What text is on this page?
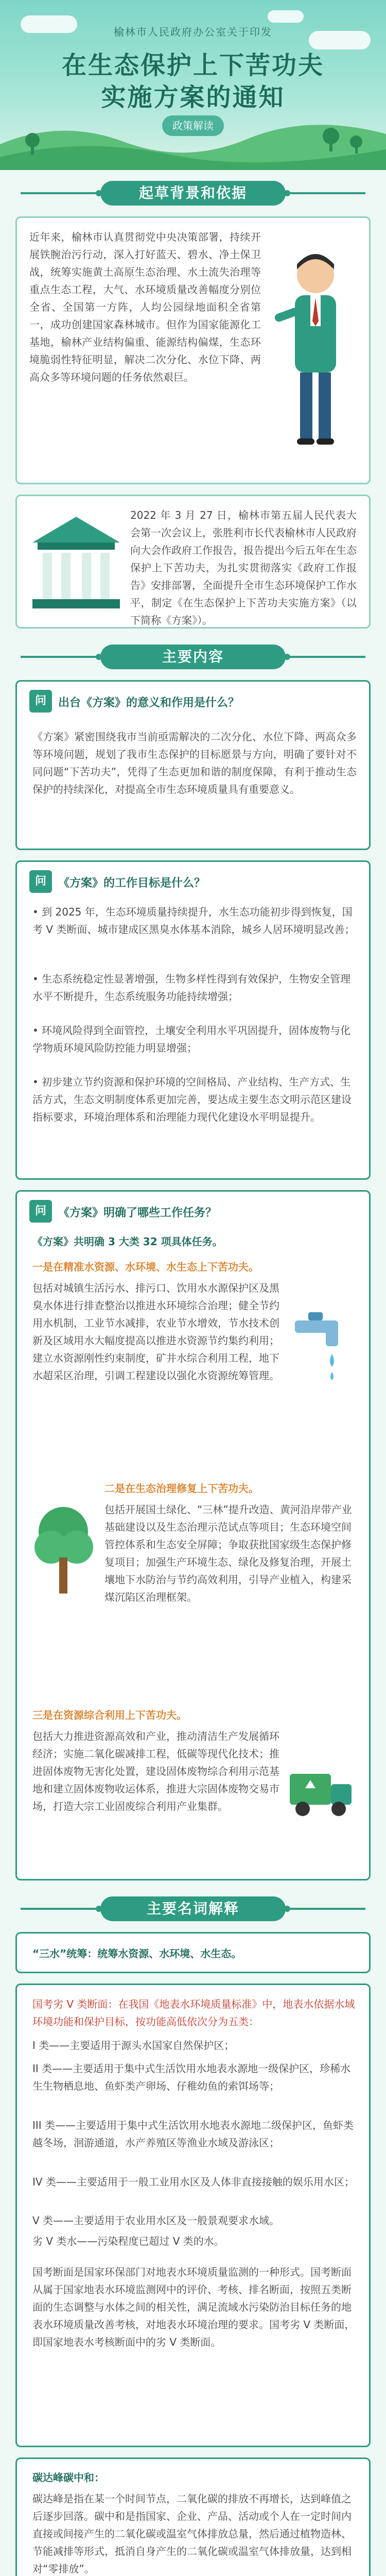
榆林市人民政府办公室关于印发
在生态保护上下苦功夫
实施方案的通知
政策解读
起草背景和依据
近年来，榆林市认真贯彻党中央决策部署，持续开展铁腕治污行动，深入打好蓝天、碧水、净土保卫战，统筹实施黄土高原生态治理、水土流失治理等重点生态工程，大气、水环境质量改善幅度分别位全省、全国第一方阵，人均公园绿地面积全省第一，成功创建国家森林城市。但作为国家能源化工基地，榆林产业结构偏重、能源结构偏煤，生态环境脆弱性特征明显，解决二次分化、水位下降、两高众多等环境问题的任务依然艰巨。
2022 年 3 月 27 日，榆林市第五届人民代表大会第一次会议上，张胜利市长代表榆林市人民政府向大会作政府工作报告，报告提出今后五年在生态保护上下苦功夫，为扎实贯彻落实《政府工作报告》安排部署，全面提升全市生态环境保护工作水平，制定《在生态保护上下苦功夫实施方案》（以下简称《方案》）。
主要内容
问	出台《方案》的意义和作用是什么？
《方案》紧密围绕我市当前亟需解决的二次分化、水位下降、两高众多等环境问题，规划了我市生态保护的目标愿景与方向，明确了要针对不同问题“下苦功夫”，凭得了生态更加和谐的制度保障，有利于推动生态保护的持续深化，对提高全市生态环境质量具有重要意义。
问	《方案》的工作目标是什么？
• 到 2025 年，生态环境质量持续提升，水生态功能初步得到恢复，国考 V 类断面、城市建成区黑臭水体基本消除，城乡人居环境明显改善；
• 生态系统稳定性显著增强，生物多样性得到有效保护，生物安全管理水平不断提升，生态系统服务功能持续增强；
• 环境风险得到全面管控，土壤安全利用水平巩固提升，固体废物与化学物质环境风险防控能力明显增强；
• 初步建立节约资源和保护环境的空间格局、产业结构、生产方式、生活方式，生态文明制度体系更加完善，要达成主要生态文明示范区建设指标要求，环境治理体系和治理能力现代化建设水平明显提升。
问	《方案》明确了哪些工作任务？
《方案》共明确 3 大类 32 项具体任务。
一是在精准水资源、水环境、水生态上下苦功夫。
包括对城镇生活污水、排污口、饮用水水源保护区及黑臭水体进行排查整治以推进水环境综合治理；健全节约用水机制，工业节水减排，农业节水增效，节水技术创新及区域用水大幅度提高以推进水资源节约集约利用；建立水资源刚性约束制度，矿井水综合利用工程，地下水超采区治理，引调工程建设以强化水资源统筹管理。
二是在生态治理修复上下苦功夫。
包括开展国土绿化、“三林”提升改造、黄河沿岸带产业基础建设以及生态治理示范试点等项目；生态环境空间管控体系和生态安全屏障；争取获批国家级生态保护修复项目；加强生产环境生态、绿化及修复治理，开展土壤地下水防治与节约高效利用，引导产业植入，构建采煤沉陷区治理框架。
三是在资源综合利用上下苦功夫。
包括大力推进资源高效和产业，推动清洁生产发展循环经济；实施二氧化碳减排工程，低碳等现代化技术；推进固体废物无害化处置，建设固体废物综合利用示范基地和建立固体废物收运体系，推进大宗固体废物交易市场，打造大宗工业固废综合利用产业集群。
主要名词解释
“三水”统筹：统筹水资源、水环境、水生态。
国考劣 V 类断面：在我国《地表水环境质量标准》中，地表水依据水域环境功能和保护目标，按功能高低依次分为五类：
I 类——主要适用于源头水国家自然保护区；
II 类——主要适用于集中式生活饮用水地表水源地一级保护区，珍稀水生生物栖息地、鱼虾类产卵场、仔稚幼鱼的索饵场等；
III 类——主要适用于集中式生活饮用水地表水源地二级保护区，鱼虾类越冬场，洄游通道，水产养殖区等渔业水域及游泳区；
IV 类——主要适用于一般工业用水区及人体非直接接触的娱乐用水区；
V 类——主要适用于农业用水区及一般景观要求水域。
劣 V 类水——污染程度已超过 V 类的水。
国考断面是国家环保部门对地表水环境质量监测的一种形式。国考断面从属于国家地表水环境监测网中的评价、考核、排名断面，按照五类断面的生态调整与水体之间的相关性，满足流域水污染防治目标任务的地表水环境质量改善考核，对地表水环境治理的要求。国考劣 V 类断面，即国家地表水考核断面中的劣 V 类断面。
碳达峰碳中和：
碳达峰是指在某一个时间节点，二氧化碳的排放不再增长，达到峰值之后逐步回落。碳中和是指国家、企业、产品、活动或个人在一定时间内直接或间接产生的二氧化碳或温室气体排放总量，然后通过植物造林、节能减排等形式，抵消自身产生的二氧化碳或温室气体排放量，达到相对“零排放”。
